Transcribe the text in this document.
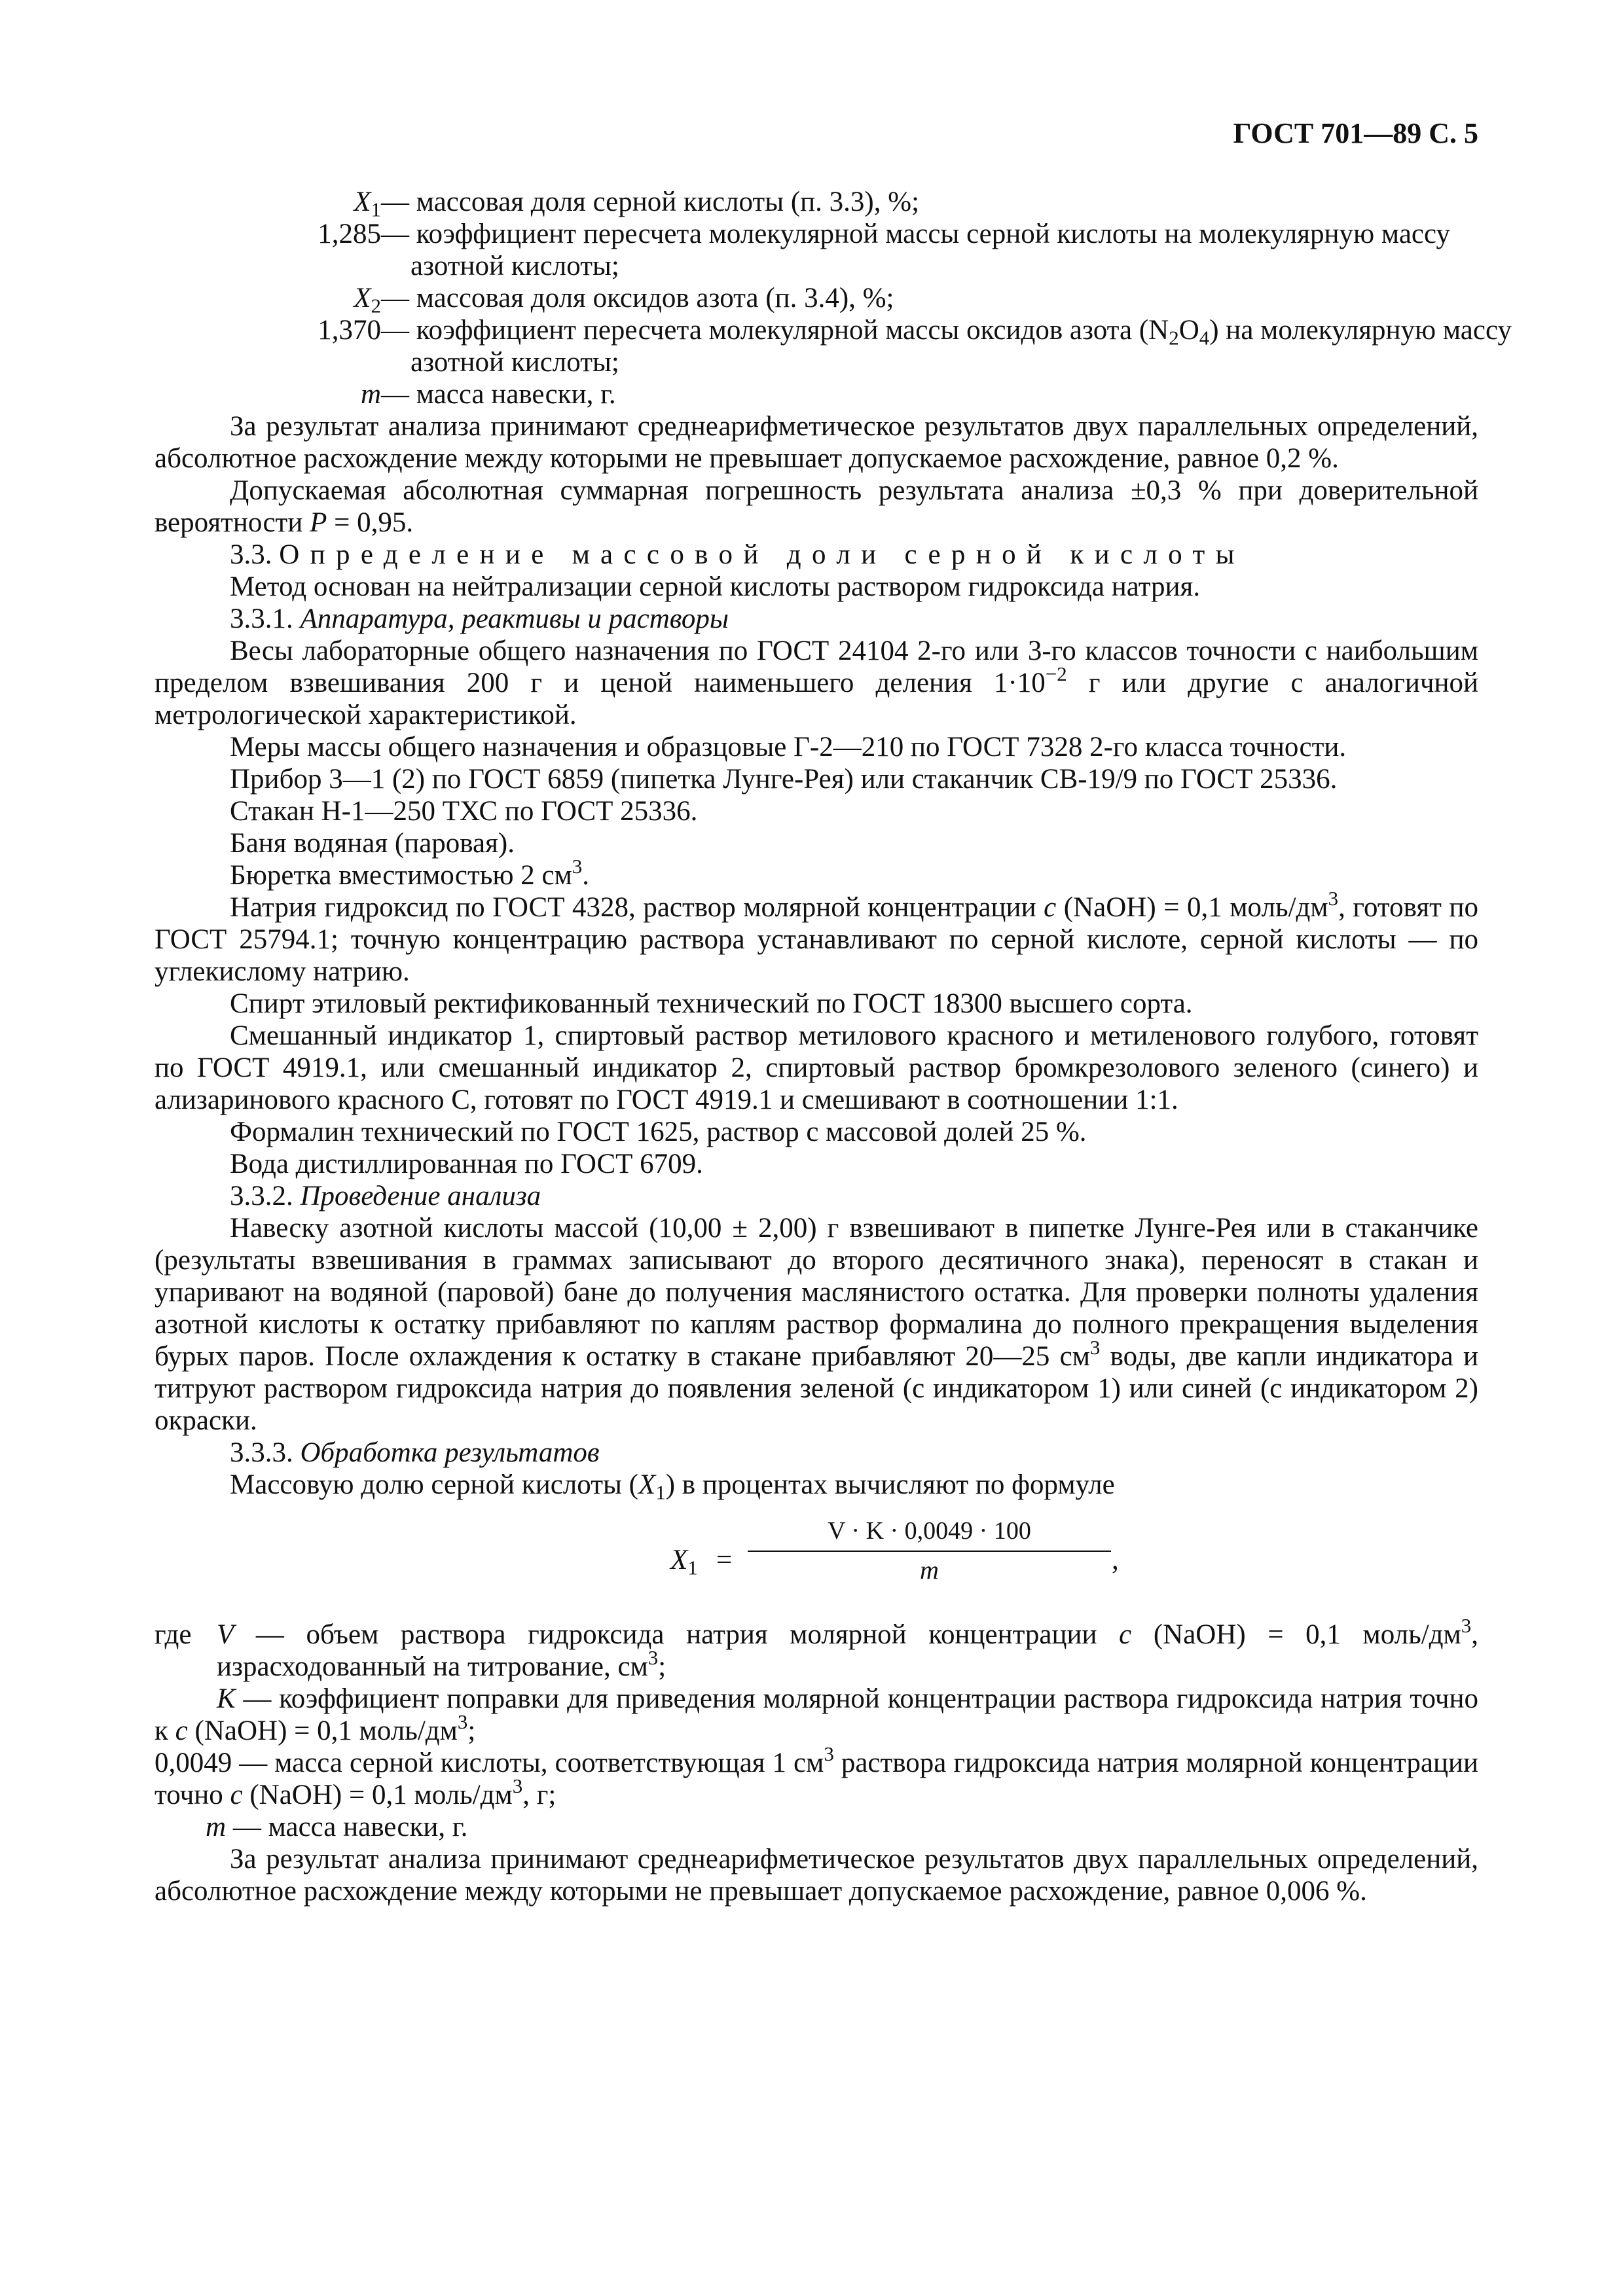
ГОСТ 701—89 С. 5
$X_1$ — массовая доля серной кислоты (п. 3.3), %;
1,285 — коэффициент пересчета молекулярной массы серной кислоты на молекулярную массу
азотной кислоты;
$X_2$ — массовая доля оксидов азота (п. 3.4), %;
1,370 — коэффициент пересчета молекулярной массы оксидов азота $(N_2O_4)$ на молекулярную массу
азотной кислоты;
m — масса навески, г.

За результат анализа принимают среднеарифметическое результатов двух параллельных определений, абсолютное расхождение между которыми не превышает допускаемое расхождение, равное 0,2 %.

Допускаемая абсолютная суммарная погрешность результата анализа ±0,3 % при доверительной вероятности P = 0,95.

3.3. Определение массовой доли серной кислоты

Метод основан на нейтрализации серной кислоты раствором гидроксида натрия.

3.3.1. Аппаратура, реактивы и растворы

Весы лабораторные общего назначения по ГОСТ 24104 2-го или 3-го классов точности с наибольшим пределом взвешивания 200 г и ценой наименьшего деления $1\cdot 10^{-2}$ г или другие с аналогичной метрологической характеристикой.

Меры массы общего назначения и образцовые Г-2—210 по ГОСТ 7328 2-го класса точности.

Прибор 3—1 (2) по ГОСТ 6859 (пипетка Лунге-Рея) или стаканчик СВ-19/9 по ГОСТ 25336.

Стакан Н-1—250 ТХС по ГОСТ 25336.

Баня водяная (паровая).

Бюретка вместимостью 2 $см^3$.

Натрия гидроксид по ГОСТ 4328, раствор молярной концентрации c (NaOH) = 0,1 моль/$дм^3$, готовят по ГОСТ 25794.1; точную концентрацию раствора устанавливают по серной кислоте, серной кислоты — по углекислому натрию.

Спирт этиловый ректификованный технический по ГОСТ 18300 высшего сорта.

Смешанный индикатор 1, спиртовый раствор метилового красного и метиленового голубого, готовят по ГОСТ 4919.1, или смешанный индикатор 2, спиртовый раствор бромкрезолового зеленого (синего) и ализаринового красного С, готовят по ГОСТ 4919.1 и смешивают в соотношении 1:1.

Формалин технический по ГОСТ 1625, раствор с массовой долей 25 %.

Вода дистиллированная по ГОСТ 6709.

3.3.2. Проведение анализа

Навеску азотной кислоты массой (10,00 ± 2,00) г взвешивают в пипетке Лунге-Рея или в стаканчике (результаты взвешивания в граммах записывают до второго десятичного знака), переносят в стакан и упаривают на водяной (паровой) бане до получения маслянистого остатка. Для проверки полноты удаления азотной кислоты к остатку прибавляют по каплям раствор формалина до полного прекращения выделения бурых паров. После охлаждения к остатку в стакане прибавляют 20—25 $см^3$ воды, две капли индикатора и титруют раствором гидроксида натрия до появления зеленой (с индикатором 1) или синей (с индикатором 2) окраски.

3.3.3. Обработка результатов

Массовую долю серной кислоты $(X_1)$ в процентах вычисляют по формуле

$X_1$ =
V · K · 0,0049 · 100
m	,
где V — объем раствора гидроксида натрия молярной концентрации c (NaOH) = 0,1 моль/$дм^3$, израсходованный на титрование, $см^3$;

K — коэффициент поправки для приведения молярной концентрации раствора гидроксида натрия точно к c (NaOH) = 0,1 моль/$дм^3$;

0,0049 — масса серной кислоты, соответствующая 1 $см^3$ раствора гидроксида натрия молярной концентрации точно c (NaOH) = 0,1 моль/$дм^3$, г;

m — масса навески, г.

За результат анализа принимают среднеарифметическое результатов двух параллельных определений, абсолютное расхождение между которыми не превышает допускаемое расхождение, равное 0,006 %.
